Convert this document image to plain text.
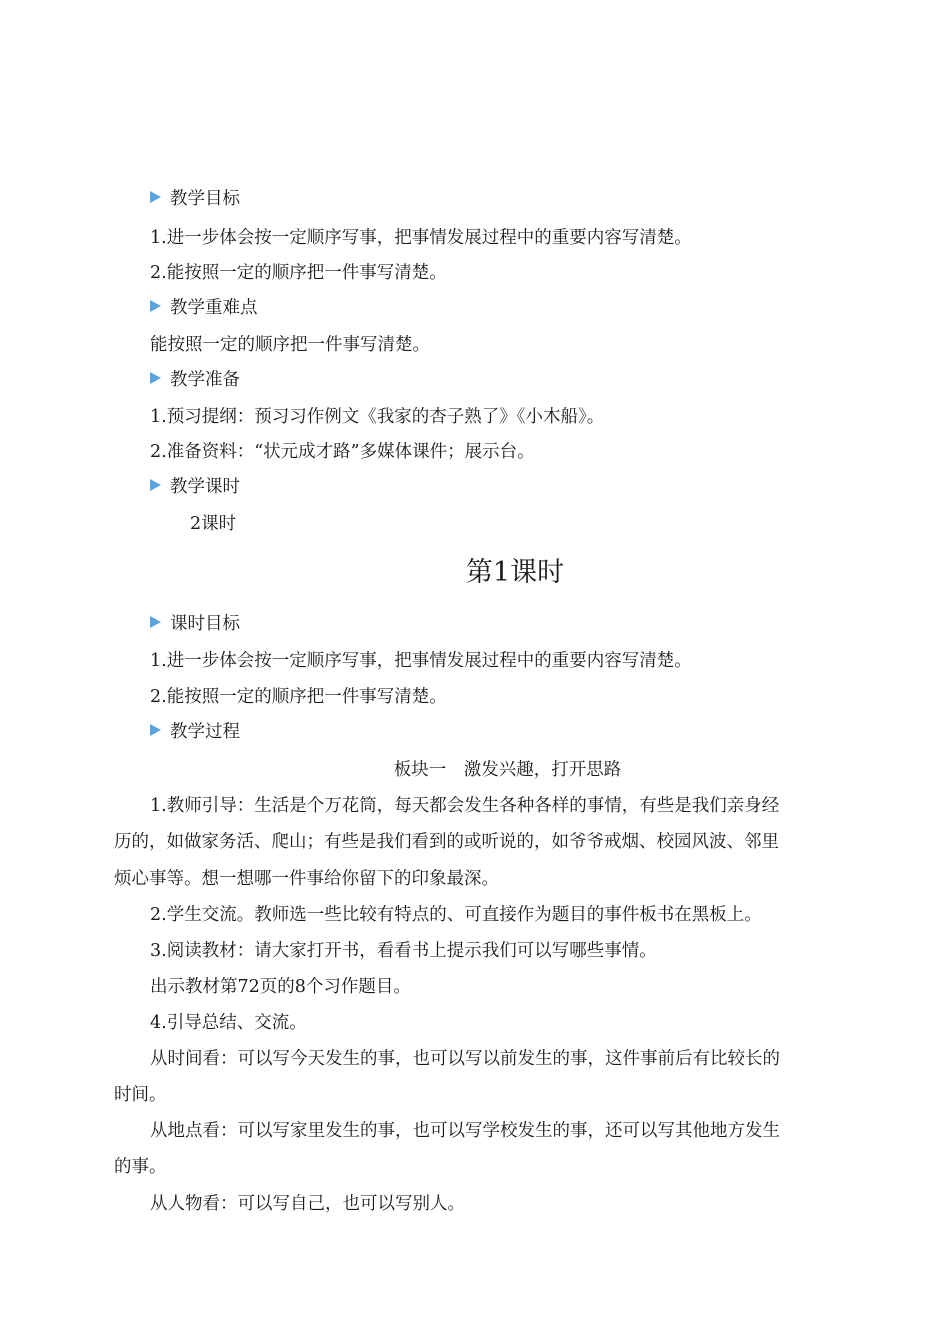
教学目标
1.进一步体会按一定顺序写事，把事情发展过程中的重要内容写清楚。
2.能按照一定的顺序把一件事写清楚。
教学重难点
能按照一定的顺序把一件事写清楚。
教学准备
1.预习提纲：预习习作例文《我家的杏子熟了》《小木船》。
2.准备资料：“状元成才路”多媒体课件；展示台。
教学课时
2课时
第1课时
课时目标
1.进一步体会按一定顺序写事，把事情发展过程中的重要内容写清楚。
2.能按照一定的顺序把一件事写清楚。
教学过程
板块一　激发兴趣，打开思路
1.教师引导：生活是个万花筒，每天都会发生各种各样的事情，有些是我们亲身经
历的，如做家务活、爬山；有些是我们看到的或听说的，如爷爷戒烟、校园风波、邻里
烦心事等。想一想哪一件事给你留下的印象最深。
2.学生交流。教师选一些比较有特点的、可直接作为题目的事件板书在黑板上。
3.阅读教材：请大家打开书，看看书上提示我们可以写哪些事情。
出示教材第72页的8个习作题目。
4.引导总结、交流。
从时间看：可以写今天发生的事，也可以写以前发生的事，这件事前后有比较长的
时间。
从地点看：可以写家里发生的事，也可以写学校发生的事，还可以写其他地方发生
的事。
从人物看：可以写自己，也可以写别人。
